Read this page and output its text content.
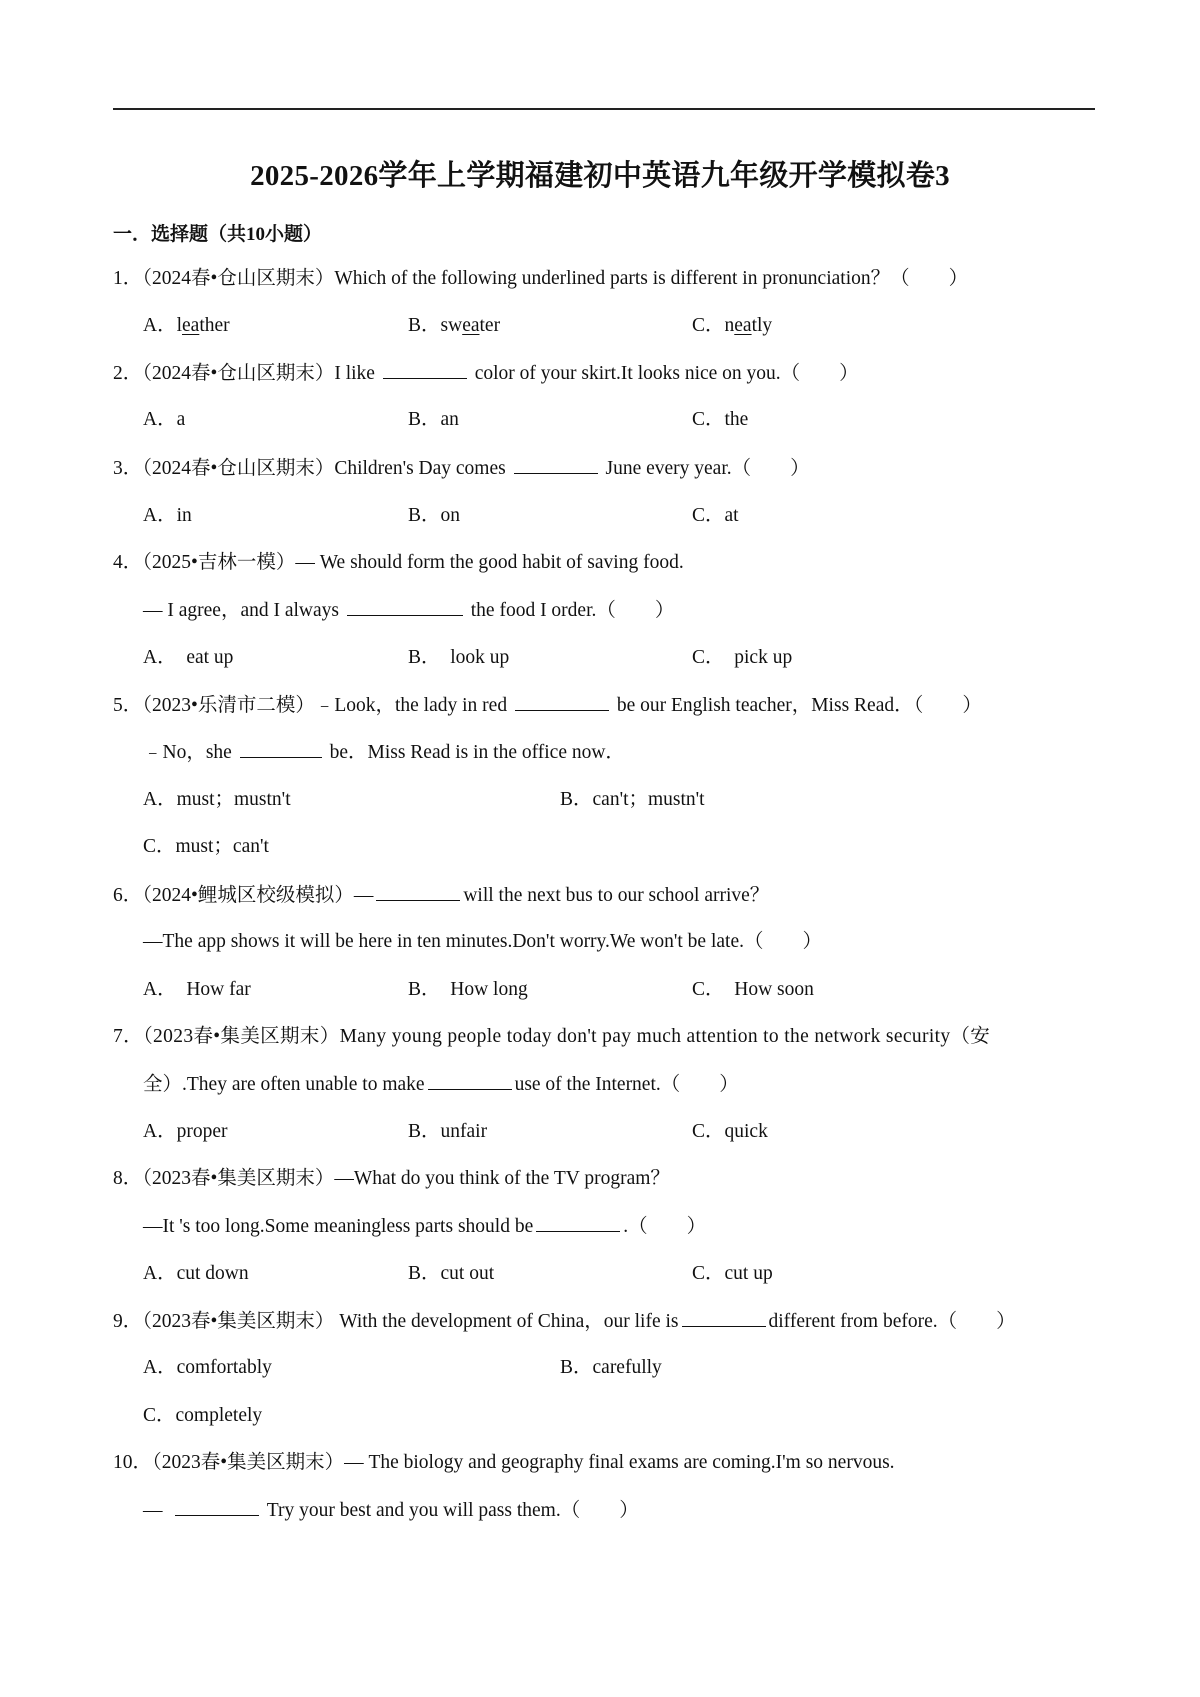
2025-2026学年上学期福建初中英语九年级开学模拟卷3
一．选择题（共10小题）
1．（2024春•仓山区期末）Which of the following underlined parts is different in pronunciation？（　　）
A．leather	B．sweater	C．neatly
2．（2024春•仓山区期末）I like	color of your skirt.It looks nice on you.（　　）
A．a	B．an	C．the
3．（2024春•仓山区期末）Children's Day comes	June every year.（　　）
A．in	B．on	C．at
4．（2025•吉林一模）— We should form the good habit of saving food.
— I agree，and I always	the food I order.（　　）
A．  eat up	B．  look up	C．  pick up
5．（2023•乐清市二模）﹣Look，the lady in red	be our English teacher，Miss Read．（　　）
﹣No，she	be．Miss Read is in the office now．
A．must；mustn't	B．can't；mustn't
C．must；can't
6．（2024•鲤城区校级模拟）—	will the next bus to our school arrive？
—The app shows it will be here in ten minutes.Don't worry.We won't be late.（　　）
A．  How far	B．  How long	C．  How soon
7．（2023春•集美区期末）Many young people today don't pay much attention to the network security（安
全）.They are often unable to make	use of the Internet.（　　）
A．proper	B．unfair	C．quick
8．（2023春•集美区期末）—What do you think of the TV program？
—It 's too long.Some meaningless parts should be	.（　　）
A．cut down	B．cut out	C．cut up
9．（2023春•集美区期末） With the development of China，our life is	different from before.（　　）
A．comfortably	B．carefully
C．completely
10．（2023春•集美区期末）— The biology and geography final exams are coming.I'm so nervous.
—	Try your best and you will pass them.（　　）
